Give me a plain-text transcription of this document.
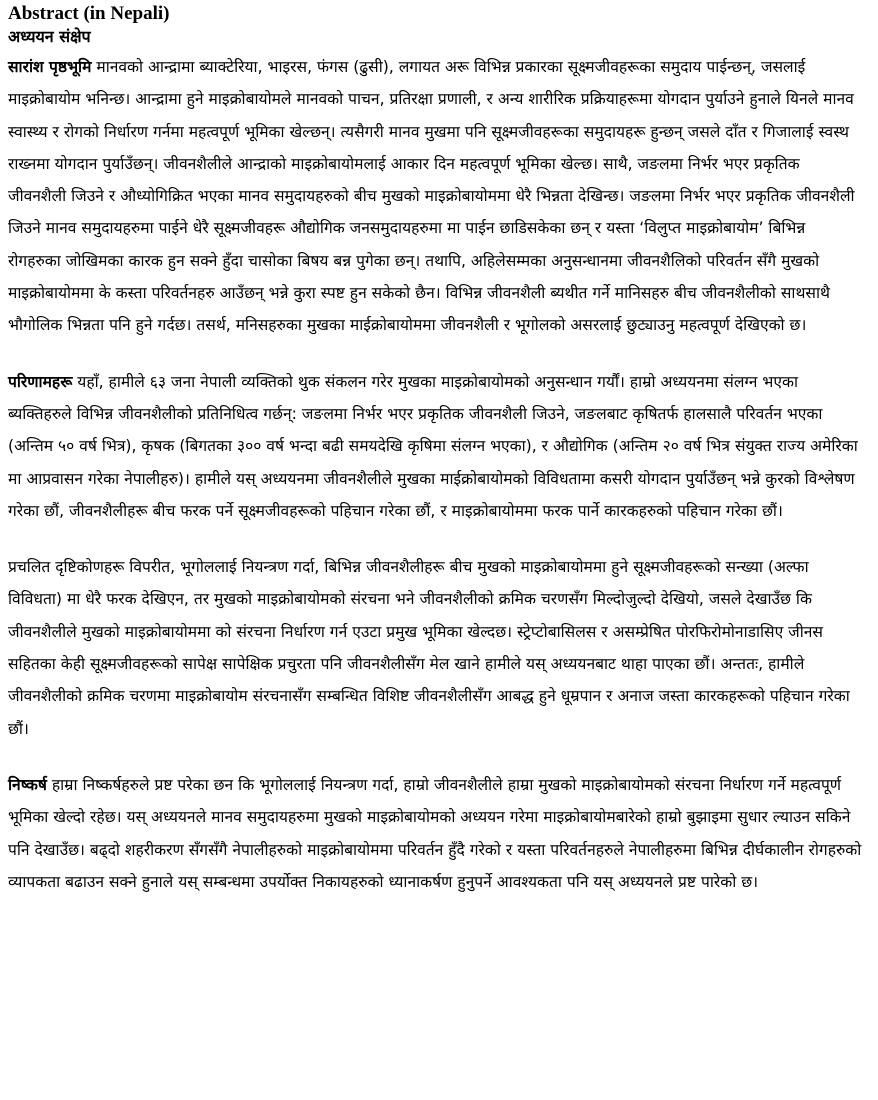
Abstract (in Nepali)
अध्ययन संक्षेप

सारांश पृष्ठभूमि मानवको आन्द्रामा ब्याक्टेरिया, भाइरस, फंगस (ढुसी), लगायत अरू विभिन्न प्रकारका सूक्ष्मजीवहरूका समुदाय पाईन्छन्, जसलाई माइक्रोबायोम भनिन्छ। आन्द्रामा हुने माइक्रोबायोमले मानवको पाचन, प्रतिरक्षा प्रणाली, र अन्य शारीरिक प्रक्रियाहरूमा योगदान पुर्याउने हुनाले यिनले मानव स्वास्थ्य र रोगको निर्धारण गर्नमा महत्वपूर्ण भूमिका खेल्छन्। त्यसैगरी मानव मुखमा पनि सूक्ष्मजीवहरूका समुदायहरू हुन्छन् जसले दाँत र गिजालाई स्वस्थ राख्नमा योगदान पुर्याउँछन्। जीवनशैलीले आन्द्राको माइक्रोबायोमलाई आकार दिन महत्वपूर्ण भूमिका खेल्छ। साथै, जङलमा निर्भर भएर प्रकृतिक जीवनशैली जिउने र औध्योगिक्रित भएका मानव समुदायहरुको बीच मुखको माइक्रोबायोममा धेरै भिन्नता देखिन्छ। जङलमा निर्भर भएर प्रकृतिक जीवनशैली जिउने मानव समुदायहरुमा पाईने धेरै सूक्ष्मजीवहरू औद्योगिक जनसमुदायहरुमा मा पाईन छाडिसकेका छन् र यस्ता ‘विलुप्त माइक्रोबायोम’ बिभिन्न रोगहरुका जोखिमका कारक हुन सक्ने हुँदा चासोका बिषय बन्न पुगेका छन्। तथापि, अहिलेसम्मका अनुसन्धानमा जीवनशैलिको परिवर्तन सँगै मुखको माइक्रोबायोममा के कस्ता परिवर्तनहरु आउँछन् भन्ने कुरा स्पष्ट हुन सकेको छैन। विभिन्न जीवनशैली ब्यथीत गर्ने मानिसहरु बीच जीवनशैलीको साथसाथै भौगोलिक भिन्नता पनि हुने गर्दछ। तसर्थ, मनिसहरुका मुखका माईक्रोबायोममा जीवनशैली र भूगोलको असरलाई छुट्याउनु महत्वपूर्ण देखिएको छ।

परिणामहरू यहाँ, हामीले ६३ जना नेपाली व्यक्तिको थुक संकलन गरेर मुखका माइक्रोबायोमको अनुसन्धान गर्यौं। हाम्रो अध्ययनमा संलग्न भएका ब्यक्तिहरुले विभिन्न जीवनशैलीको प्रतिनिधित्व गर्छन्: जङलमा निर्भर भएर प्रकृतिक जीवनशैली जिउने, जङलबाट कृषितर्फ हालसालै परिवर्तन भएका (अन्तिम ५० वर्ष भित्र), कृषक (बिगतका ३०० वर्ष भन्दा बढी समयदेखि कृषिमा संलग्न भएका), र औद्योगिक (अन्तिम २० वर्ष भित्र संयुक्त राज्य अमेरिका मा आप्रवासन गरेका नेपालीहरु)। हामीले यस् अध्ययनमा जीवनशैलीले मुखका माईक्रोबायोमको विविधतामा कसरी योगदान पुर्याउँछन् भन्ने कुरको विश्लेषण गरेका छौं, जीवनशैलीहरू बीच फरक पर्ने सूक्ष्मजीवहरूको पहिचान गरेका छौं, र माइक्रोबायोममा फरक पार्ने कारकहरुको पहिचान गरेका छौं।

प्रचलित दृष्टिकोणहरू विपरीत, भूगोललाई नियन्त्रण गर्दा, बिभिन्न जीवनशैलीहरू बीच मुखको माइक्रोबायोममा हुने सूक्ष्मजीवहरूको सन्ख्या (अल्फा विविधता) मा धेरै फरक देखिएन, तर मुखको माइक्रोबायोमको संरचना भने जीवनशैलीको क्रमिक चरणसँग मिल्दोजुल्दो देखियो, जसले देखाउँछ कि जीवनशैलीले मुखको माइक्रोबायोममा को संरचना निर्धारण गर्न एउटा प्रमुख भूमिका खेल्दछ। स्ट्रेप्टोबासिलस र असम्प्रेषित पोरफिरोमोनाडासिए जीनस सहितका केही सूक्ष्मजीवहरूको सापेक्ष सापेक्षिक प्रचुरता पनि जीवनशैलीसँग मेल खाने हामीले यस् अध्ययनबाट थाहा पाएका छौं। अन्ततः, हामीले जीवनशैलीको क्रमिक चरणमा माइक्रोबायोम संरचनासँग सम्बन्धित विशिष्ट जीवनशैलीसँग आबद्ध हुने धूम्रपान र अनाज जस्ता कारकहरूको पहिचान गरेका छौं।

निष्कर्ष हाम्रा निष्कर्षहरुले प्रष्ट परेका छन कि भूगोललाई नियन्त्रण गर्दा, हाम्रो जीवनशैलीले हाम्रा मुखको माइक्रोबायोमको संरचना निर्धारण गर्ने महत्वपूर्ण भूमिका खेल्दो रहेछ। यस् अध्ययनले मानव समुदायहरुमा मुखको माइक्रोबायोमको अध्ययन गरेमा माइक्रोबायोमबारेको हाम्रो बुझाइमा सुधार ल्याउन सकिने पनि देखाउँछ। बढ्दो शहरीकरण सँगसँगै नेपालीहरुको माइक्रोबायोममा परिवर्तन हुँदै गरेको र यस्ता परिवर्तनहरुले नेपालीहरुमा बिभिन्न दीर्घकालीन रोगहरुको व्यापकता बढाउन सक्ने हुनाले यस् सम्बन्धमा उपर्योक्त निकायहरुको ध्यानाकर्षण हुनुपर्ने आवश्यकता पनि यस् अध्ययनले प्रष्ट पारेको छ।
